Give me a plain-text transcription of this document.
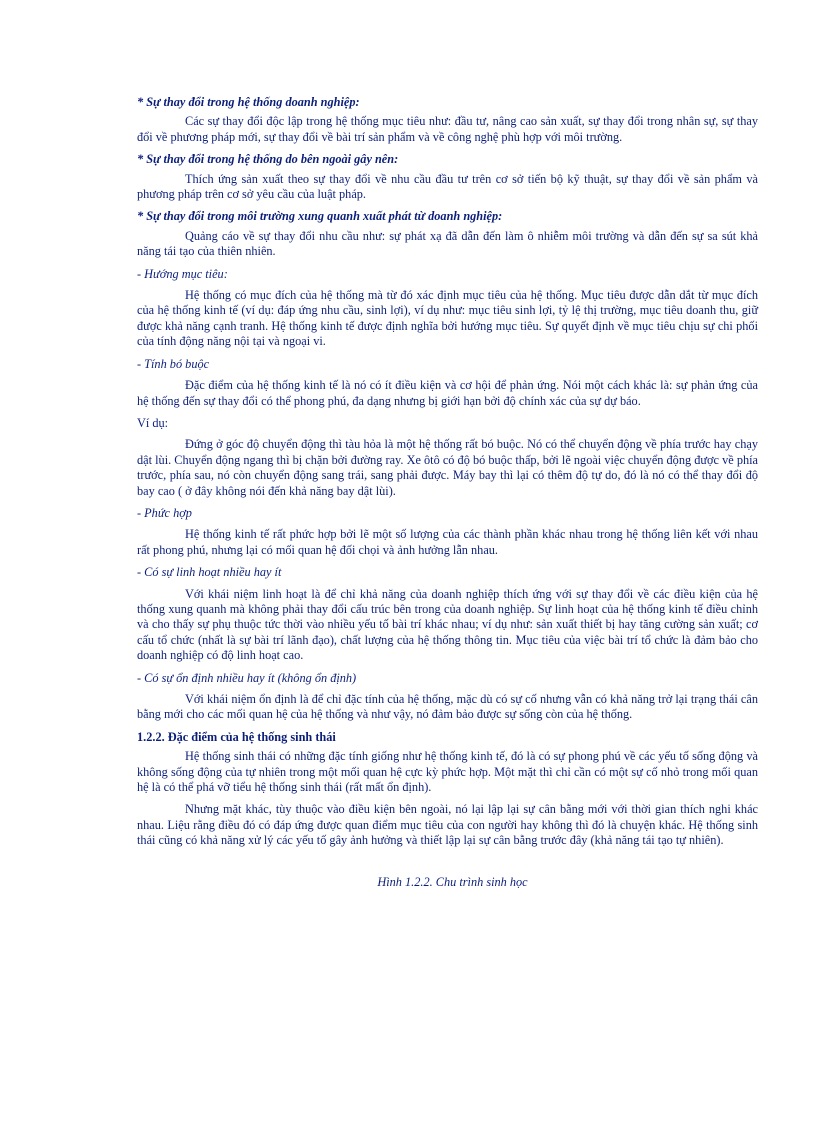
* Sự thay đổi trong hệ thống doanh nghiệp:

Các sự thay đổi độc lập trong hệ thống mục tiêu như: đầu tư, nâng cao sản xuất, sự thay đổi trong nhân sự, sự thay đổi về phương pháp mới, sự thay đổi về bài trí sản phẩm và về công nghệ phù hợp với môi trường.

* Sự thay đổi trong hệ thống do bên ngoài gây nên:

Thích ứng sản xuất theo sự thay đổi về nhu cầu đầu tư trên cơ sở tiến bộ kỹ thuật, sự thay đổi về sản phẩm và phương pháp trên cơ sở yêu cầu của luật pháp.

* Sự thay đổi trong môi trường xung quanh xuất phát từ doanh nghiệp:

Quảng cáo về sự thay đổi nhu cầu như: sự phát xạ đã dẫn đến làm ô nhiễm môi trường và dẫn đến sự sa sút khả năng tái tạo của thiên nhiên.

- Hướng mục tiêu:

Hệ thống có mục đích của hệ thống mà từ đó xác định mục tiêu của hệ thống. Mục tiêu được dẫn dắt từ mục đích của hệ thống kinh tế (ví dụ: đáp ứng nhu cầu, sinh lợi), ví dụ như: mục tiêu sinh lợi, tỷ lệ thị trường, mục tiêu doanh thu, giữ được khả năng cạnh tranh. Hệ thống kinh tế được định nghĩa bởi hướng mục tiêu. Sự quyết định về mục tiêu chịu sự chi phối của tính động năng nội tại và ngoại vi.

- Tính bó buộc

Đặc điểm của hệ thống kinh tế là nó có ít điều kiện và cơ hội để phản ứng. Nói một cách khác là: sự phản ứng của hệ thống đến sự thay đổi có thể phong phú, đa dạng nhưng bị giới hạn bởi độ chính xác của sự dự báo.

Ví dụ:

Đứng ở góc độ chuyển động thì tàu hỏa là một hệ thống rất bó buộc. Nó có thể chuyển động về phía trước hay chạy dật lùi. Chuyển động ngang thì bị chặn bởi đường ray. Xe ôtô có độ bó buộc thấp, bởi lẽ ngoài việc chuyển động được về phía trước, phía sau, nó còn chuyển động sang trái, sang phải được. Máy bay thì lại có thêm độ tự do, đó là nó có thể thay đổi độ bay cao ( ở đây không nói đến khả năng bay dật lùi).

- Phức hợp

Hệ thống kinh tế rất phức hợp bởi lẽ một số lượng của các thành phần khác nhau trong hệ thống liên kết với nhau rất phong phú, nhưng lại có mối quan hệ đối chọi và ảnh hưởng lẫn nhau.

- Có sự linh hoạt nhiều hay ít

Với khái niệm linh hoạt là để chỉ khả năng của doanh nghiệp thích ứng với sự thay đổi về các điều kiện của hệ thống xung quanh mà không phải thay đổi cấu trúc bên trong của doanh nghiệp. Sự linh hoạt của hệ thống kinh tế điều chỉnh và cho thấy sự phụ thuộc tức thời vào nhiều yếu tố bài trí khác nhau; ví dụ như: sản xuất thiết bị hay tăng cường sản xuất; cơ cấu tổ chức (nhất là sự bài trí lãnh đạo), chất lượng của hệ thống thông tin. Mục tiêu của việc bài trí tổ chức là đảm bảo cho doanh nghiệp có độ linh hoạt cao.

- Có sự ổn định nhiều hay ít (không ổn định)

Với khái niệm ổn định là để chỉ đặc tính của hệ thống, mặc dù có sự cố nhưng vẫn có khả năng trở lại trạng thái cân bằng mới cho các mối quan hệ của hệ thống và như vậy, nó đảm bảo được sự sống còn của hệ thống.

1.2.2. Đặc điểm của hệ thống sinh thái

Hệ thống sinh thái có những đặc tính giống như hệ thống kinh tế, đó là có sự phong phú về các yếu tố sống động và không sống động của tự nhiên trong một mối quan hệ cực kỳ phức hợp. Một mặt thì chỉ cần có một sự cố nhỏ trong mối quan hệ là có thể phá vỡ tiểu hệ thống sinh thái (rất mất ổn định).

Nhưng mặt khác, tùy thuộc vào điều kiện bên ngoài, nó lại lập lại sự cân bằng mới với thời gian thích nghi khác nhau. Liệu rằng điều đó có đáp ứng được quan điểm mục tiêu của con người hay không thì đó là chuyện khác. Hệ thống sinh thái cũng có khả năng xử lý các yếu tố gây ảnh hưởng và thiết lập lại sự cân bằng trước đây (khả năng tái tạo tự nhiên).

Hình 1.2.2. Chu trình sinh học
